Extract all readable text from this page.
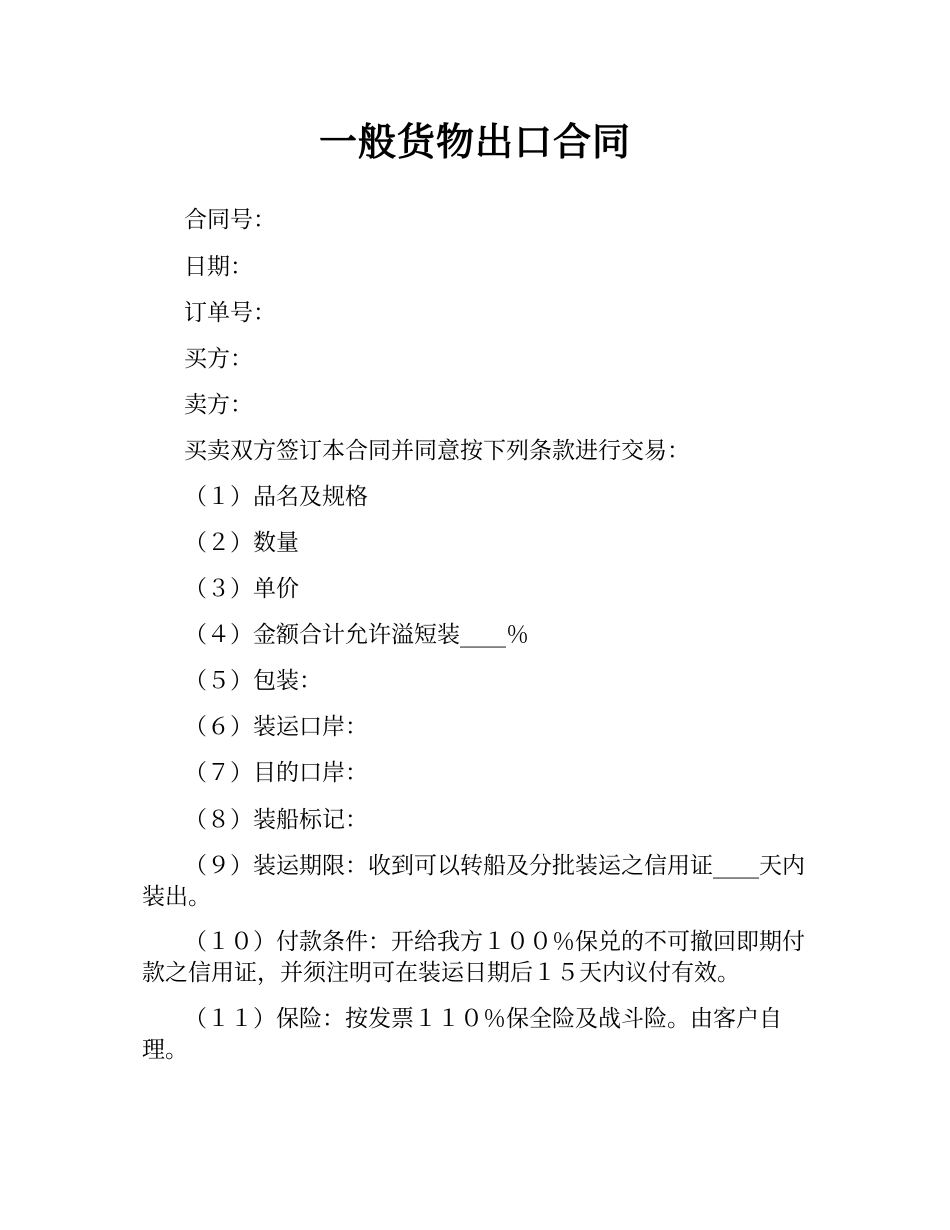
一般货物出口合同

合同号：

日期：

订单号：

买方：

卖方：

买卖双方签订本合同并同意按下列条款进行交易：

（１）品名及规格

（２）数量

（３）单价

（４）金额合计允许溢短装____％

（５）包装：

（６）装运口岸：

（７）目的口岸：

（８）装船标记：

（９）装运期限：收到可以转船及分批装运之信用证____天内装出。

（１０）付款条件：开给我方１００％保兑的不可撤回即期付款之信用证，并须注明可在装运日期后１５天内议付有效。

（１１）保险：按发票１１０％保全险及战斗险。由客户自理。
